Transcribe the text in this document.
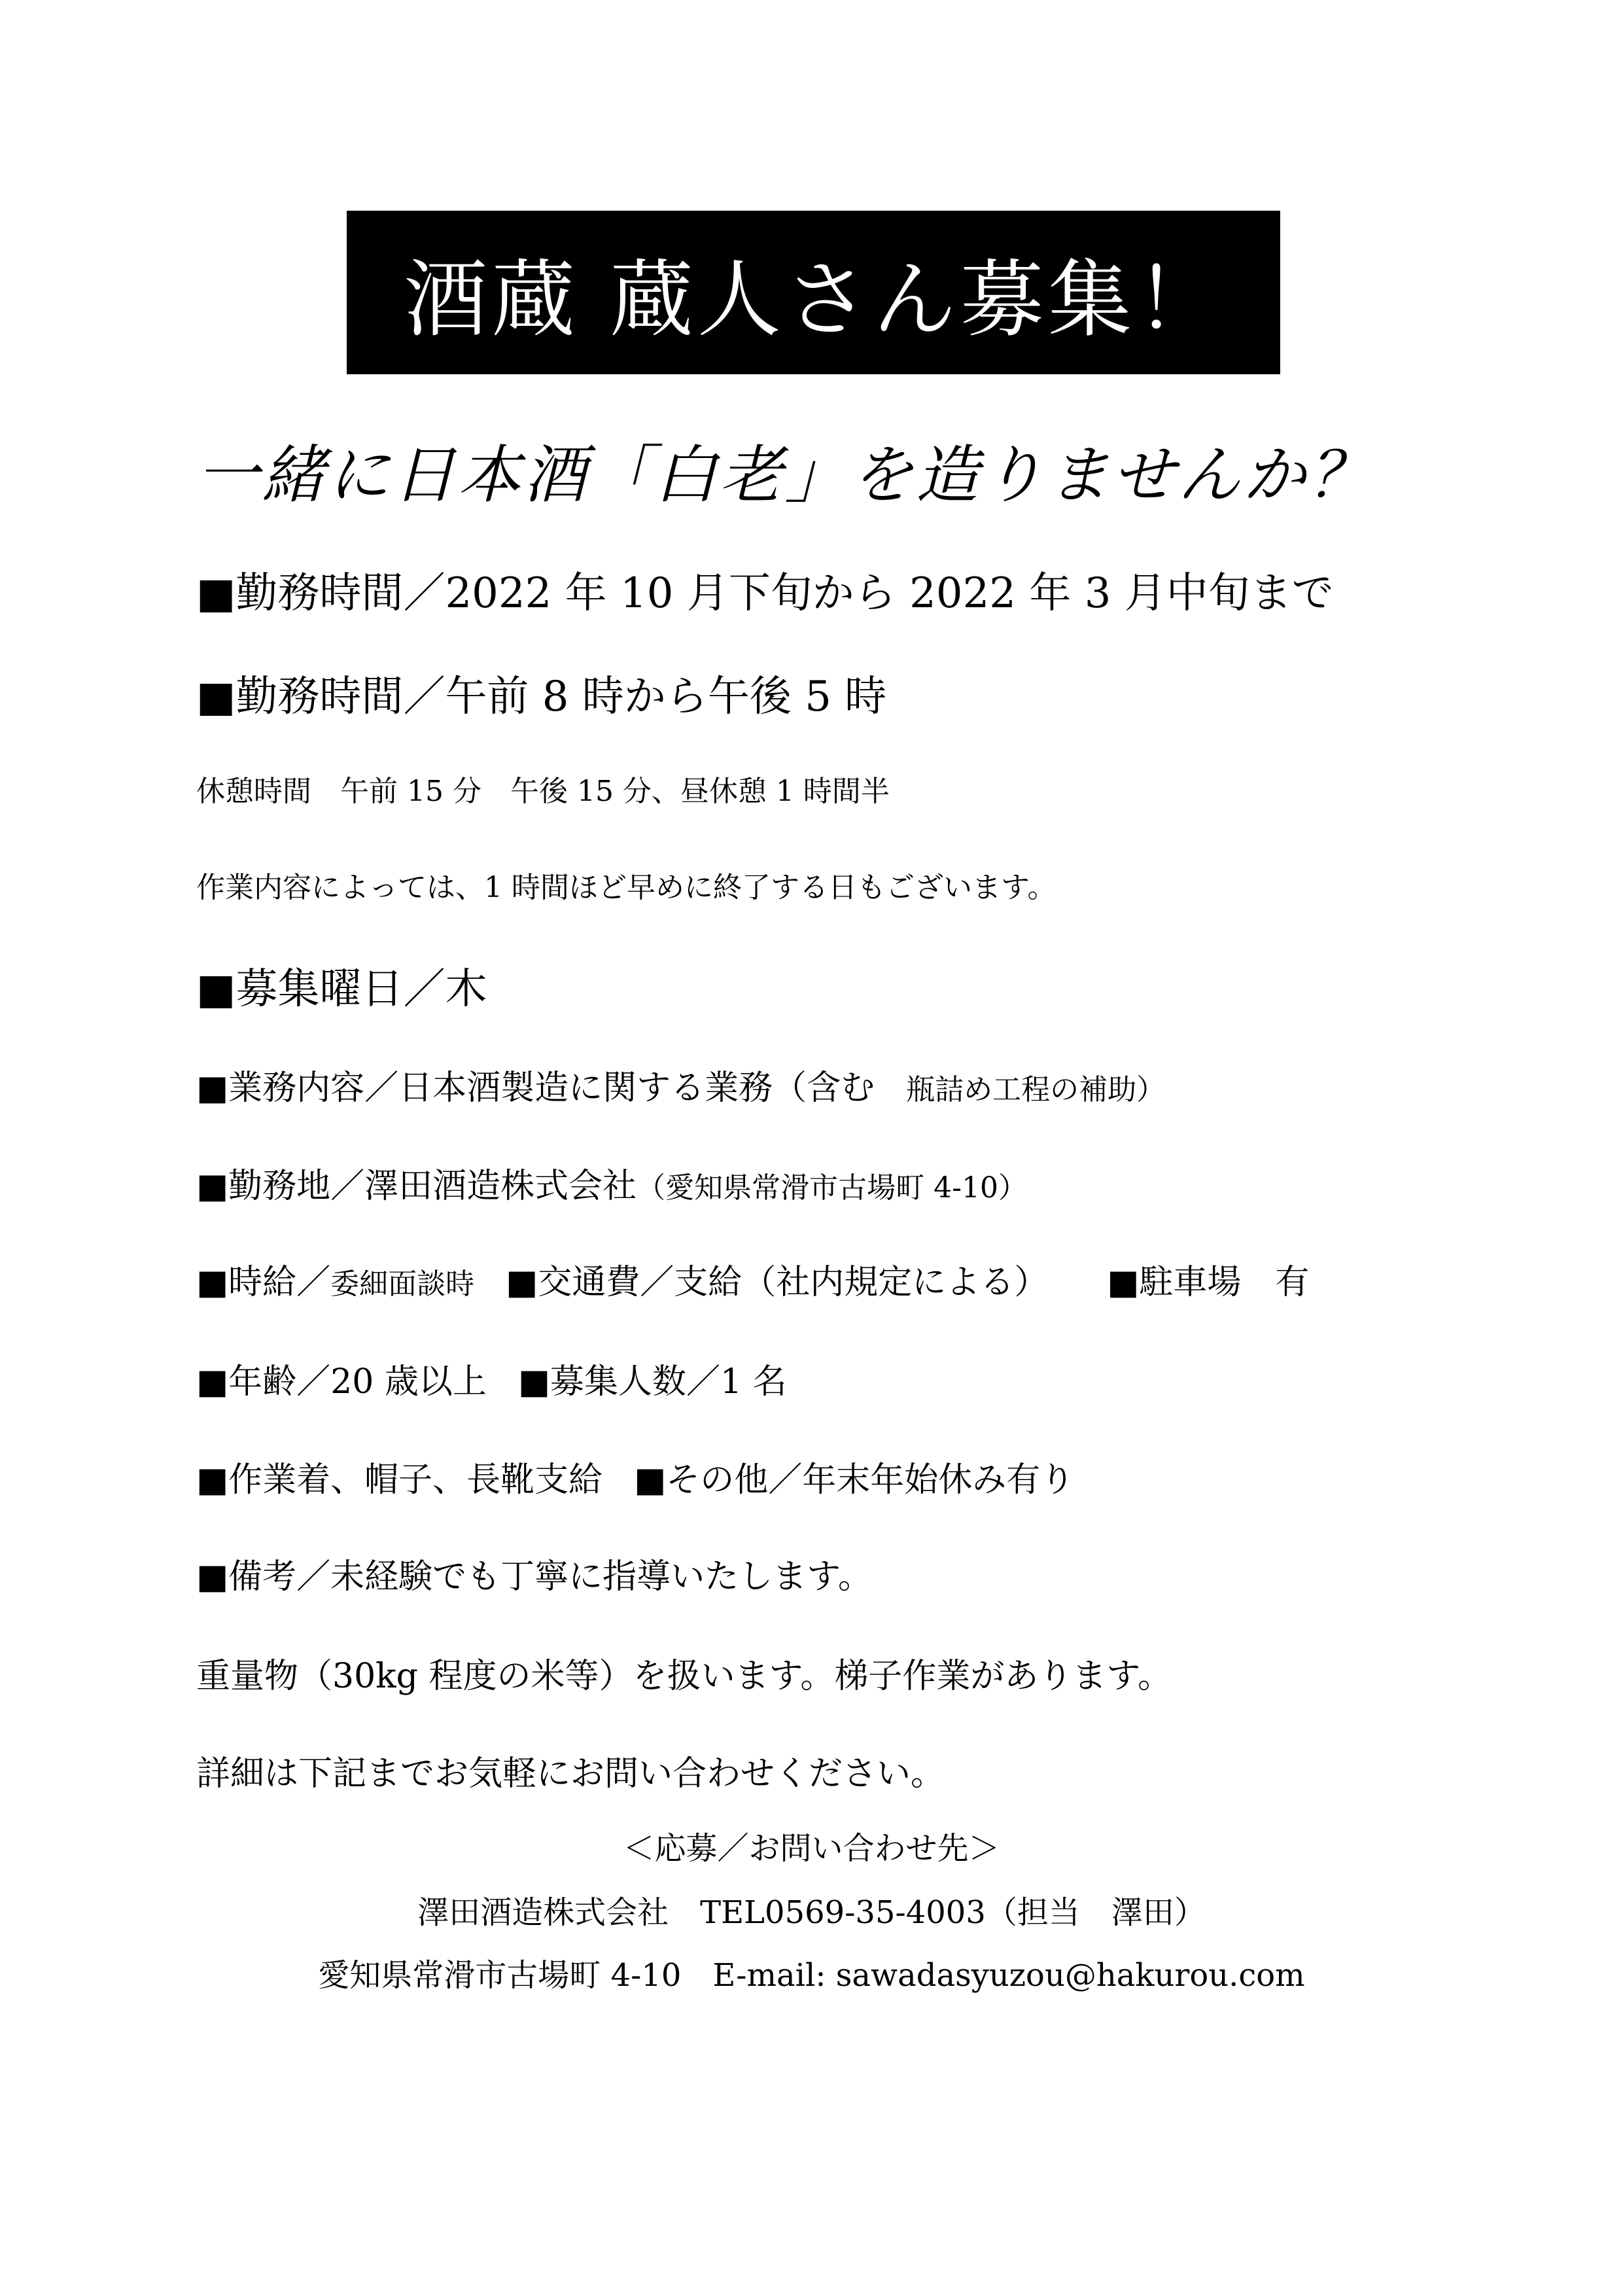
酒蔵 蔵人さん募集！
一緒に日本酒「白老」を造りませんか？
■勤務時間／2022 年 10 月下旬から 2022 年 3 月中旬まで
■勤務時間／午前 8 時から午後 5 時
休憩時間　午前 15 分　午後 15 分、昼休憩 1 時間半
作業内容によっては、1 時間ほど早めに終了する日もございます。
■募集曜日／木
■業務内容／日本酒製造に関する業務（含む 瓶詰め工程の補助）
■勤務地／澤田酒造株式会社（愛知県常滑市古場町 4-10）
■時給／委細面談時 ■交通費／支給（社内規定による） ■駐車場　有
■年齢／20 歳以上 ■募集人数／1 名
■作業着、帽子、長靴支給 ■その他／年末年始休み有り
■備考／未経験でも丁寧に指導いたします。
重量物（30kg 程度の米等）を扱います。梯子作業があります。
詳細は下記までお気軽にお問い合わせください。
＜応募／お問い合わせ先＞
澤田酒造株式会社　TEL0569-35-4003（担当　澤田）
愛知県常滑市古場町 4-10　E-mail: sawadasyuzou@hakurou.com
